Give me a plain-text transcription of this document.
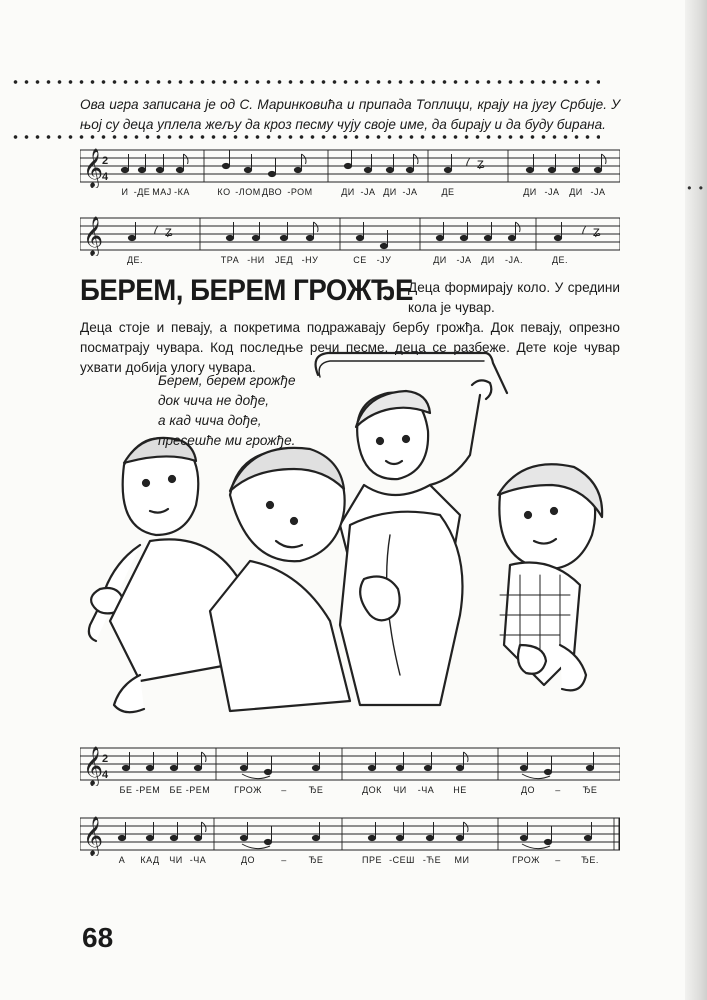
• •
Ова игра записана је од С. Маринковића и припада Топлици, крају на југу Србије. У њој су деца уплела жељу да кроз песму чују своје име, да бирају и да буду бирана.
𝄞
2
4
7 ʑ
И -ДЕ МАЈ -КА	КО -ЛОМ ДВО -РОМ	ДИ -ЈА ДИ -ЈА	ДЕ	ДИ -ЈА ДИ -ЈА
𝄞	7 ʑ	7 ʑ
ДЕ.	ТРА -НИ ЈЕД -НУ	СЕ -ЈУ	ДИ -ЈА ДИ -ЈА.	ДЕ.
БЕРЕМ, БЕРЕМ ГРОЖЂЕ
Деца формирају коло. У средини кола је чувар.
Деца стоје и певају, а покретима подражавају бербу грожђа. Док певају, опрезно посматрају чувара. Код последње речи песме, деца се разбеже. Дете које чувар ухвати добија улогу чувара.
Берем, берем грожђе
док чича не дође,
а кад чича дође,
пресешће ми грожђе.
𝄞
2
4
БЕ -РЕМ БЕ -РЕМ	ГРОЖ – ЂЕ	ДОК ЧИ -ЧА НЕ	ДО – ЂЕ
𝄞
А КАД ЧИ -ЧА	ДО	– ЂЕ	ПРЕ -СЕШ -ЋЕ МИ	ГРОЖ – ЂЕ.
68
